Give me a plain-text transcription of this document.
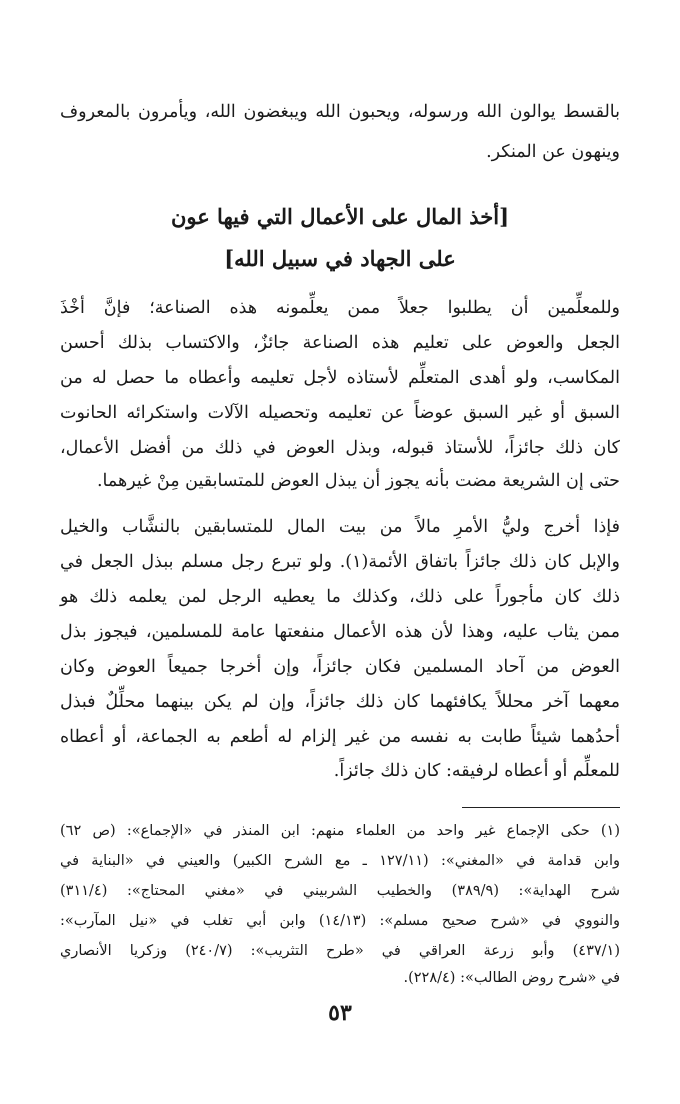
بالقسط يوالون الله ورسوله، ويحبون الله ويبغضون الله، ويأمرون بالمعروف
وينهون عن المنكر.
[أخذ المال على الأعمال التي فيها عون
على الجهاد في سبيل الله]
وللمعلِّمين أن يطلبوا جعلاً ممن يعلِّمونه هذه الصناعة؛ فإنَّ أخْذَ
الجعل والعوض على تعليم هذه الصناعة جائزٌ، والاكتساب بذلك أحسن
المكاسب، ولو أهدى المتعلِّم لأستاذه لأجل تعليمه وأعطاه ما حصل له من
السبق أو غير السبق عوضاً عن تعليمه وتحصيله الآلات واستكرائه الحانوت
كان ذلك جائزاً، للأستاذ قبوله، وبذل العوض في ذلك من أفضل الأعمال،
حتى إن الشريعة مضت بأنه يجوز أن يبذل العوض للمتسابقين مِنْ غيرهما.
فإذا أخرج وليُّ الأمرِ مالاً من بيت المال للمتسابقين بالنشَّاب والخيل
والإبل كان ذلك جائزاً باتفاق الأئمة(١). ولو تبرع رجل مسلم ببذل الجعل في
ذلك كان مأجوراً على ذلك، وكذلك ما يعطيه الرجل لمن يعلمه ذلك هو
ممن يثاب عليه، وهذا لأن هذه الأعمال منفعتها عامة للمسلمين، فيجوز بذل
العوض من آحاد المسلمين فكان جائزاً، وإن أخرجا جميعاً العوض وكان
معهما آخر محللاً يكافئهما كان ذلك جائزاً، وإن لم يكن بينهما محلِّلٌ فبذل
أحدُهما شيئاً طابت به نفسه من غير إلزام له أطعم به الجماعة، أو أعطاه
للمعلِّم أو أعطاه لرفيقه: كان ذلك جائزاً.
(١) حكى الإجماع غير واحد من العلماء منهم: ابن المنذر في «الإجماع»: (ص ٦٢)
وابن قدامة في «المغني»: (١٢٧/١١ ـ مع الشرح الكبير) والعيني في «البناية في
شرح الهداية»: (٣٨٩/٩) والخطيب الشربيني في «مغني المحتاج»: (٣١١/٤)
والنووي في «شرح صحيح مسلم»: (١٤/١٣) وابن أبي تغلب في «نيل المآرب»:
(٤٣٧/١) وأبو زرعة العراقي في «طرح التثريب»: (٢٤٠/٧) وزكريا الأنصاري
في «شرح روض الطالب»: (٢٢٨/٤).
٥٣
